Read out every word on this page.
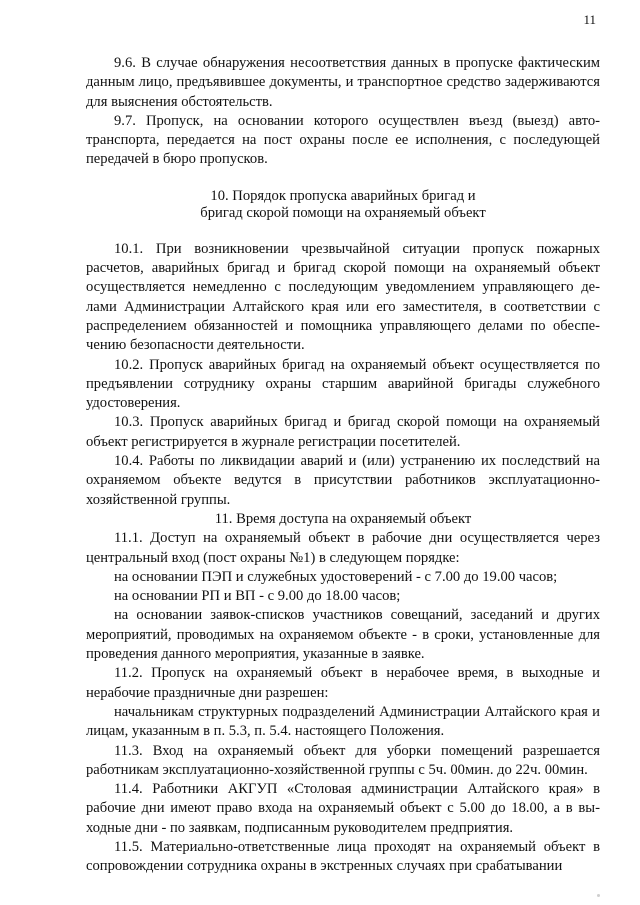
11

9.6. В случае обнаружения несоответствия данных в пропуске фактическим данным лицо, предъявившее документы, и транспортное средство задерживаются для выяснения обстоятельств.

9.7. Пропуск, на основании которого осуществлен въезд (выезд) автотранспорта, передается на пост охраны после ее исполнения, с последующей передачей в бюро пропусков.

10. Порядок пропуска аварийных бригад и
бригад скорой помощи на охраняемый объект

10.1. При возникновении чрезвычайной ситуации пропуск пожарных расчетов, аварийных бригад и бригад скорой помощи на охраняемый объект осуществляется немедленно с последующим уведомлением управляющего делами Администрации Алтайского края или его заместителя, в соответствии с распределением обязанностей и помощника управляющего делами по обеспечению безопасности деятельности.

10.2. Пропуск аварийных бригад на охраняемый объект осуществляется по предъявлении сотруднику охраны старшим аварийной бригады служебного удостоверения.

10.3. Пропуск аварийных бригад и бригад скорой помощи на охраняемый объект регистрируется в журнале регистрации посетителей.

10.4. Работы по ликвидации аварий и (или) устранению их последствий на охраняемом объекте ведутся в присутствии работников эксплуатационно-хозяйственной группы.

11. Время доступа на охраняемый объект

11.1. Доступ на охраняемый объект в рабочие дни осуществляется через центральный вход (пост охраны №1) в следующем порядке:

на основании ПЭП и служебных удостоверений - с 7.00 до 19.00 часов;

на основании РП и ВП - с 9.00 до 18.00 часов;

на основании заявок-списков участников совещаний, заседаний и других мероприятий, проводимых на охраняемом объекте - в сроки, установленные для проведения данного мероприятия, указанные в заявке.

11.2. Пропуск на охраняемый объект в нерабочее время, в выходные и нерабочие праздничные дни разрешен:

начальникам структурных подразделений Администрации Алтайского края и лицам, указанным в п. 5.3, п. 5.4. настоящего Положения.

11.3. Вход на охраняемый объект для уборки помещений разрешается работникам эксплуатационно-хозяйственной группы с 5ч. 00мин. до 22ч. 00мин.

11.4. Работники АКГУП «Столовая администрации Алтайского края» в рабочие дни имеют право входа на охраняемый объект с 5.00 до 18.00, а в выходные дни - по заявкам, подписанным руководителем предприятия.

11.5. Материально-ответственные лица проходят на охраняемый объект в сопровождении сотрудника охраны в экстренных случаях при срабатывании
